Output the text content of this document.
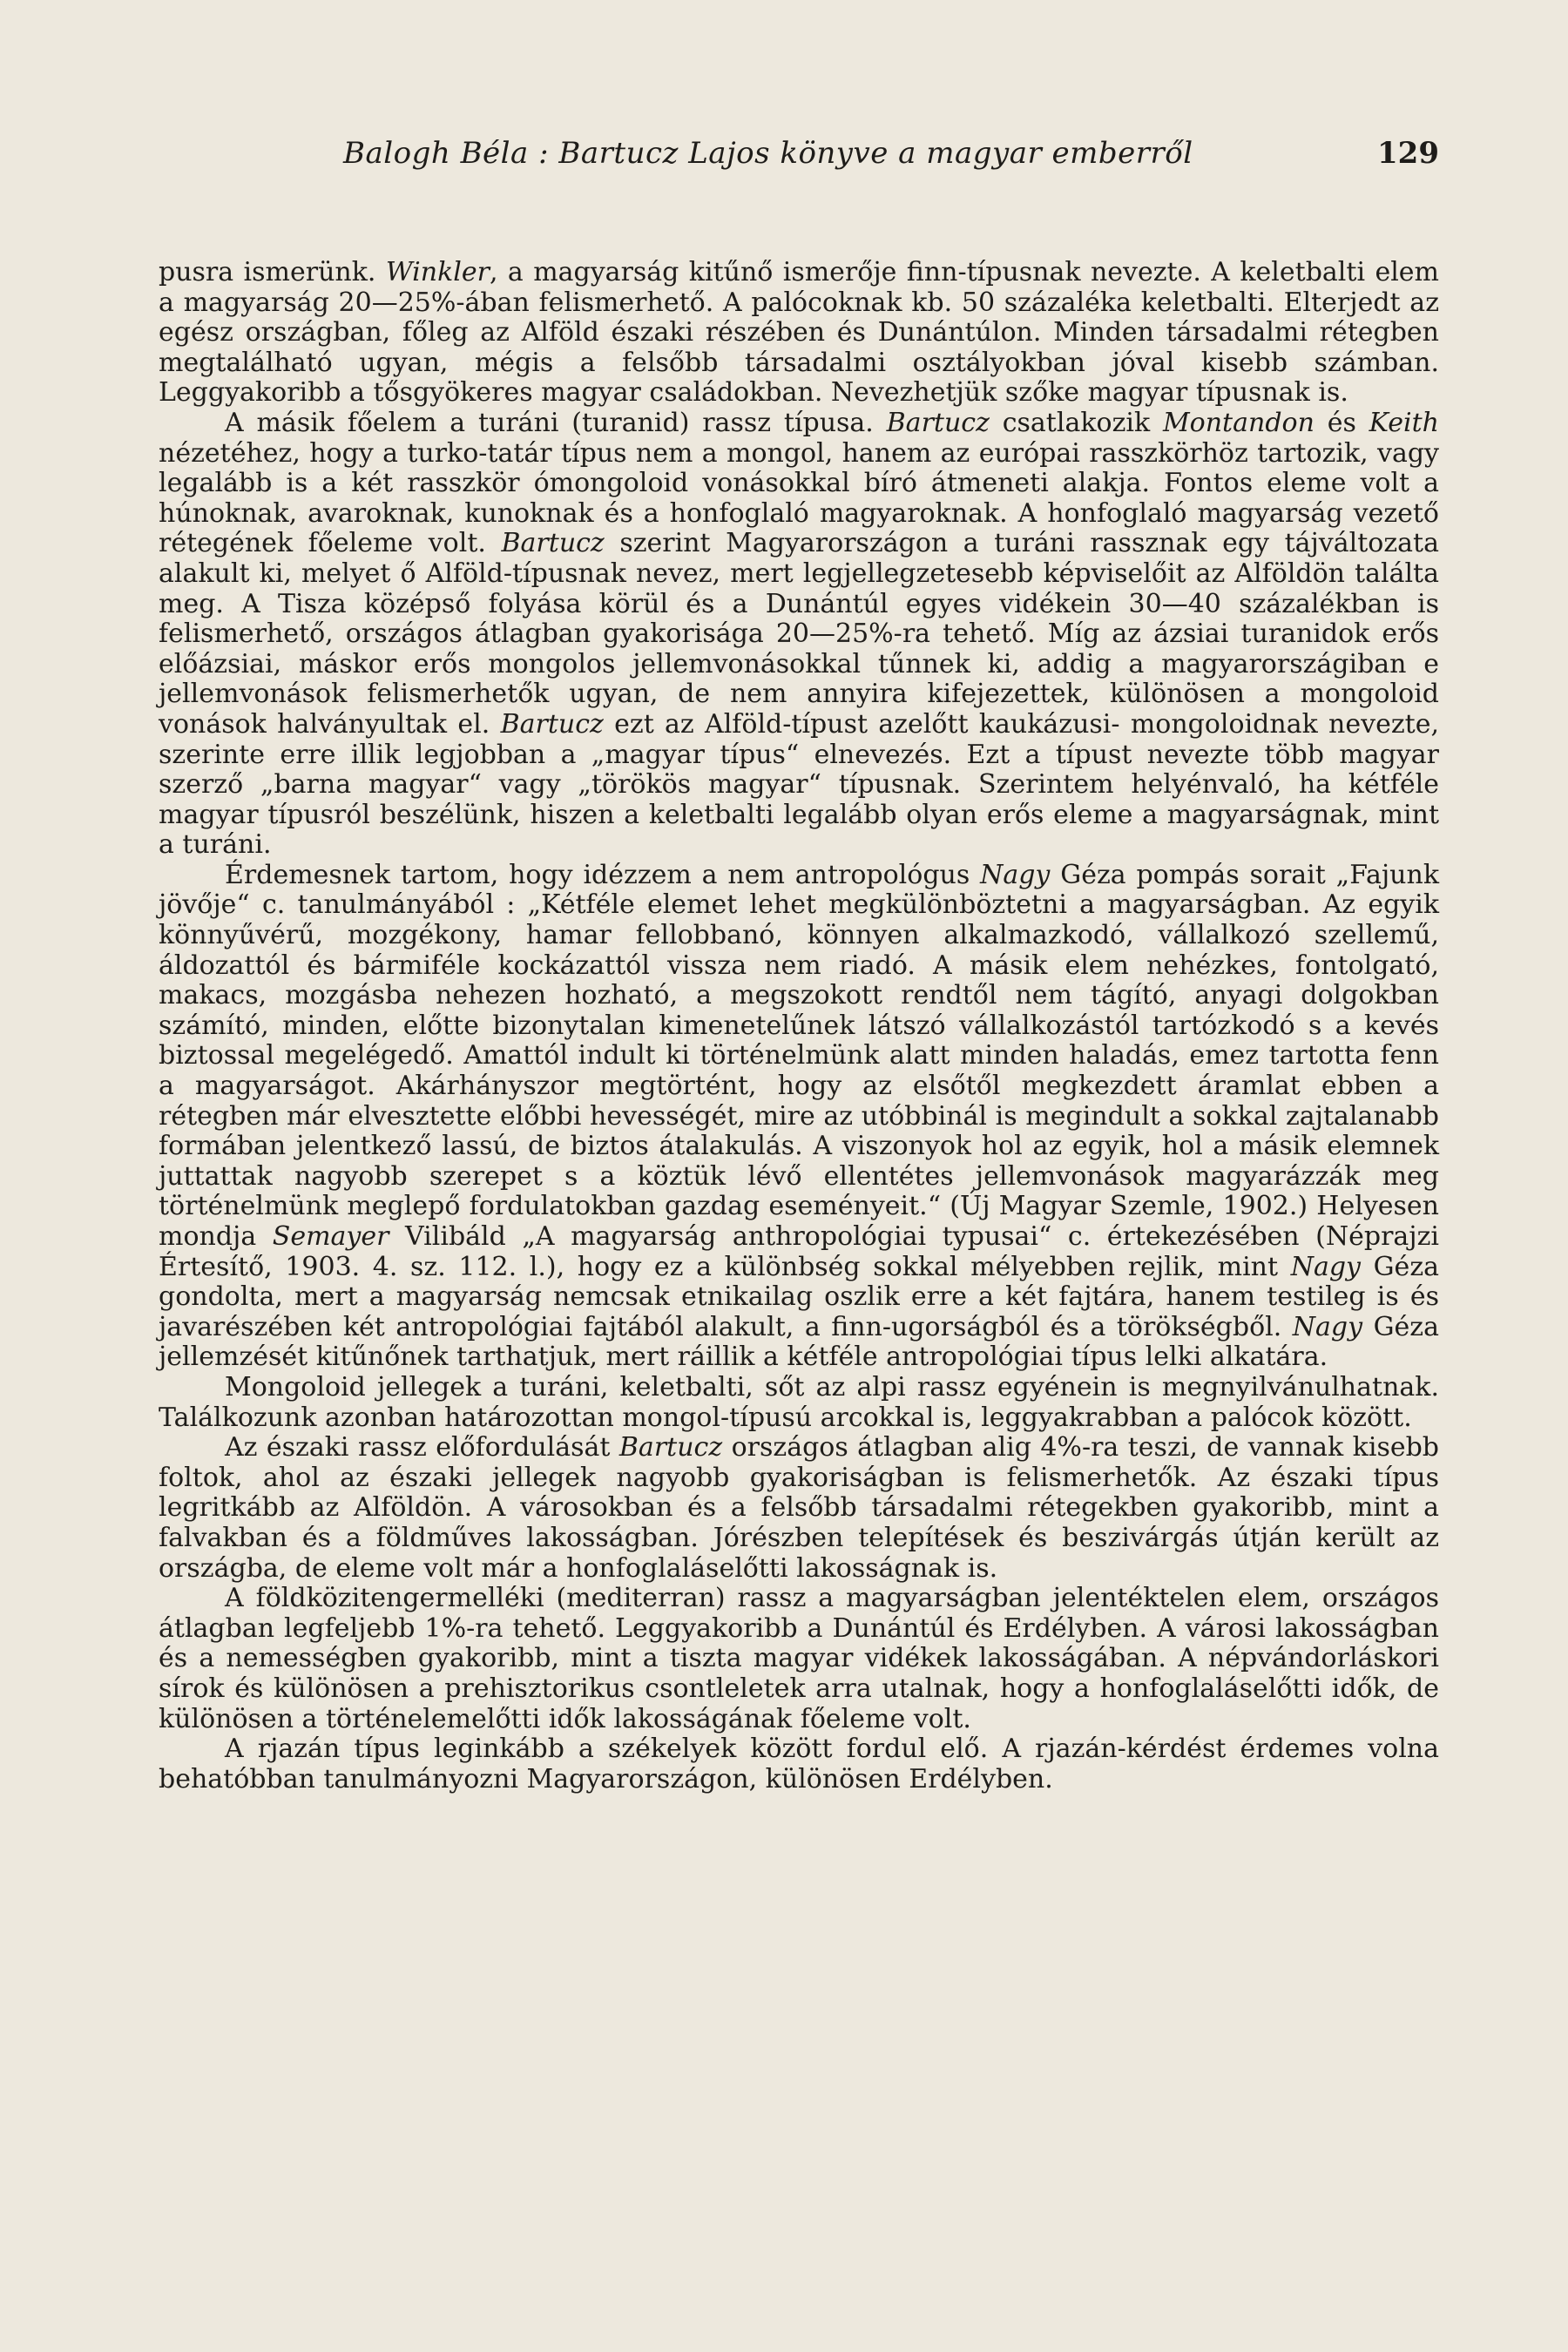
Balogh Béla : Bartucz Lajos könyve a magyar emberről	129

pusra ismerünk. Winkler, a magyarság kitűnő ismerője finn-típusnak nevezte. A keletbalti elem a magyarság 20—25%-ában felismerhető. A palócoknak kb. 50 százaléka keletbalti. Elterjedt az egész országban, főleg az Alföld északi részében és Dunántúlon. Minden társadalmi rétegben megtalálható ugyan, mégis a felsőbb társadalmi osztályokban jóval kisebb számban. Leggyakoribb a tősgyökeres magyar családokban. Nevezhetjük szőke magyar típusnak is.

A másik főelem a turáni (turanid) rassz típusa. Bartucz csatlakozik Montandon és Keith nézetéhez, hogy a turko-tatár típus nem a mongol, hanem az európai rasszkörhöz tartozik, vagy legalább is a két rasszkör ómongoloid vonásokkal bíró átmeneti alakja. Fontos eleme volt a húnoknak, avaroknak, kunoknak és a honfoglaló magyaroknak. A honfoglaló magyarság vezető rétegének főeleme volt. Bartucz szerint Magyarországon a turáni rassznak egy tájváltozata alakult ki, melyet ő Alföld-típusnak nevez, mert legjellegzetesebb képviselőit az Alföldön találta meg. A Tisza középső folyása körül és a Dunántúl egyes vidékein 30—40 százalékban is felismerhető, országos átlagban gyakorisága 20—25%-ra tehető. Míg az ázsiai turanidok erős előázsiai, máskor erős mongolos jellemvonásokkal tűnnek ki, addig a magyarországiban e jellemvonások felismerhetők ugyan, de nem annyira kifejezettek, különösen a mongoloid vonások halványultak el. Bartucz ezt az Alföld-típust azelőtt kaukázusi- mongoloidnak nevezte, szerinte erre illik legjobban a „magyar típus“ elnevezés. Ezt a típust nevezte több magyar szerző „barna magyar“ vagy „törökös magyar“ típusnak. Szerintem helyénvaló, ha kétféle magyar típusról beszélünk, hiszen a keletbalti legalább olyan erős eleme a magyarságnak, mint a turáni.

Érdemesnek tartom, hogy idézzem a nem antropológus Nagy Géza pompás sorait „Fajunk jövője“ c. tanulmányából : „Kétféle elemet lehet megkülönböztetni a magyarságban. Az egyik könnyűvérű, mozgékony, hamar fellobbanó, könnyen alkalmazkodó, vállalkozó szellemű, áldozattól és bármiféle kockázattól vissza nem riadó. A másik elem nehézkes, fontolgató, makacs, mozgásba nehezen hozható, a megszokott rendtől nem tágító, anyagi dolgokban számító, minden, előtte bizonytalan kimenetelűnek látszó vállalkozástól tartózkodó s a kevés biztossal megelégedő. Amattól indult ki történelmünk alatt minden haladás, emez tartotta fenn a magyarságot. Akárhányszor megtörtént, hogy az elsőtől megkezdett áramlat ebben a rétegben már elvesztette előbbi hevességét, mire az utóbbinál is megindult a sokkal zajtalanabb formában jelentkező lassú, de biztos átalakulás. A viszonyok hol az egyik, hol a másik elemnek juttattak nagyobb szerepet s a köztük lévő ellentétes jellemvonások magyarázzák meg történelmünk meglepő fordulatokban gazdag eseményeit.“ (Új Magyar Szemle, 1902.) Helyesen mondja Semayer Vilibáld „A magyarság anthropológiai typusai“ c. értekezésében (Néprajzi Értesítő, 1903. 4. sz. 112. l.), hogy ez a különbség sokkal mélyebben rejlik, mint Nagy Géza gondolta, mert a magyarság nemcsak etnikailag oszlik erre a két fajtára, hanem testileg is és javarészében két antropológiai fajtából alakult, a finn-ugorságból és a törökségből. Nagy Géza jellemzését kitűnőnek tarthatjuk, mert ráillik a kétféle antropológiai típus lelki alkatára.

Mongoloid jellegek a turáni, keletbalti, sőt az alpi rassz egyénein is megnyilvánulhatnak. Találkozunk azonban határozottan mongol-típusú arcokkal is, leggyakrabban a palócok között.

Az északi rassz előfordulását Bartucz országos átlagban alig 4%-ra teszi, de vannak kisebb foltok, ahol az északi jellegek nagyobb gyakoriságban is felismerhetők. Az északi típus legritkább az Alföldön. A városokban és a felsőbb társadalmi rétegekben gyakoribb, mint a falvakban és a földműves lakosságban. Jórészben telepítések és beszivárgás útján került az országba, de eleme volt már a honfoglaláselőtti lakosságnak is.

A földközitengermelléki (mediterran) rassz a magyarságban jelentéktelen elem, országos átlagban legfeljebb 1%-ra tehető. Leggyakoribb a Dunántúl és Erdélyben. A városi lakosságban és a nemességben gyakoribb, mint a tiszta magyar vidékek lakosságában. A népvándorláskori sírok és különösen a prehisztorikus csontleletek arra utalnak, hogy a honfoglaláselőtti idők, de különösen a történelemelőtti idők lakosságának főeleme volt.

A rjazán típus leginkább a székelyek között fordul elő. A rjazán-kérdést érdemes volna behatóbban tanulmányozni Magyarországon, különösen Erdélyben.
